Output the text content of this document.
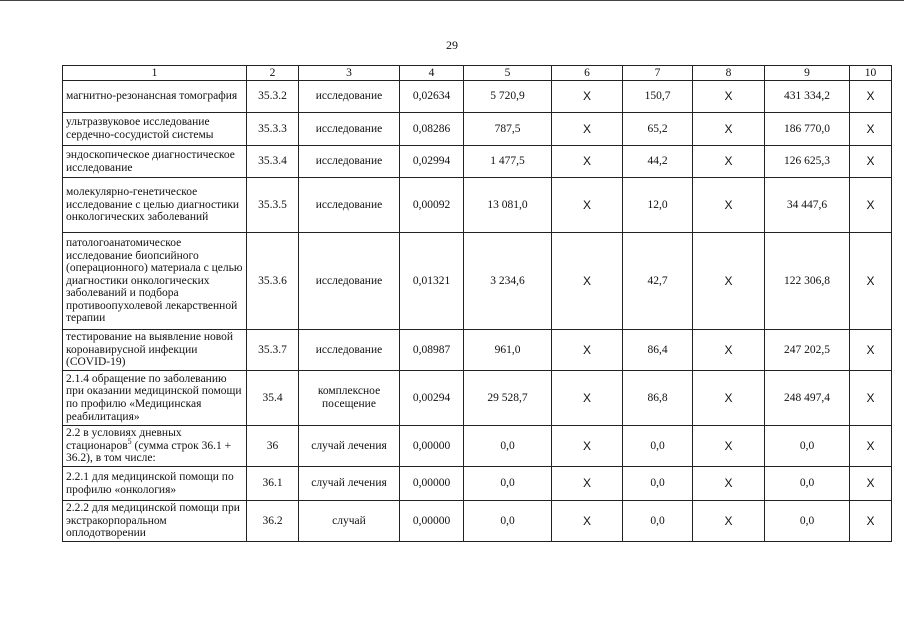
29
1	2	3	4	5	6	7	8	9	10
магнитно-резонансная томография	35.3.2	исследование	0,02634	5 720,9	X	150,7	X	431 334,2	X
ультразвуковое исследование сердечно-сосудистой системы	35.3.3	исследование	0,08286	787,5	X	65,2	X	186 770,0	X
эндоскопическое диагностическое исследование	35.3.4	исследование	0,02994	1 477,5	X	44,2	X	126 625,3	X
молекулярно-генетическое исследование с целью диагностики онкологических заболеваний	35.3.5	исследование	0,00092	13 081,0	X	12,0	X	34 447,6	X
патологоанатомическое исследование биопсийного (операционного) материала с целью диагностики онкологических заболеваний и подбора противоопухолевой лекарственной терапии	35.3.6	исследование	0,01321	3 234,6	X	42,7	X	122 306,8	X
тестирование на выявление новой коронавирусной инфекции (COVID-19)	35.3.7	исследование	0,08987	961,0	X	86,4	X	247 202,5	X
2.1.4 обращение по заболеванию при оказании медицинской помощи по профилю «Медицинская реабилитация»	35.4	комплексное посещение	0,00294	29 528,7	X	86,8	X	248 497,4	X
2.2 в условиях дневных стационаров$^5$ (сумма строк 36.1 + 36.2), в том числе:	36	случай лечения	0,00000	0,0	X	0,0	X	0,0	X
2.2.1 для медицинской помощи по профилю «онкология»	36.1	случай лечения	0,00000	0,0	X	0,0	X	0,0	X
2.2.2 для медицинской помощи при экстракорпоральном оплодотворении	36.2	случай	0,00000	0,0	X	0,0	X	0,0	X
